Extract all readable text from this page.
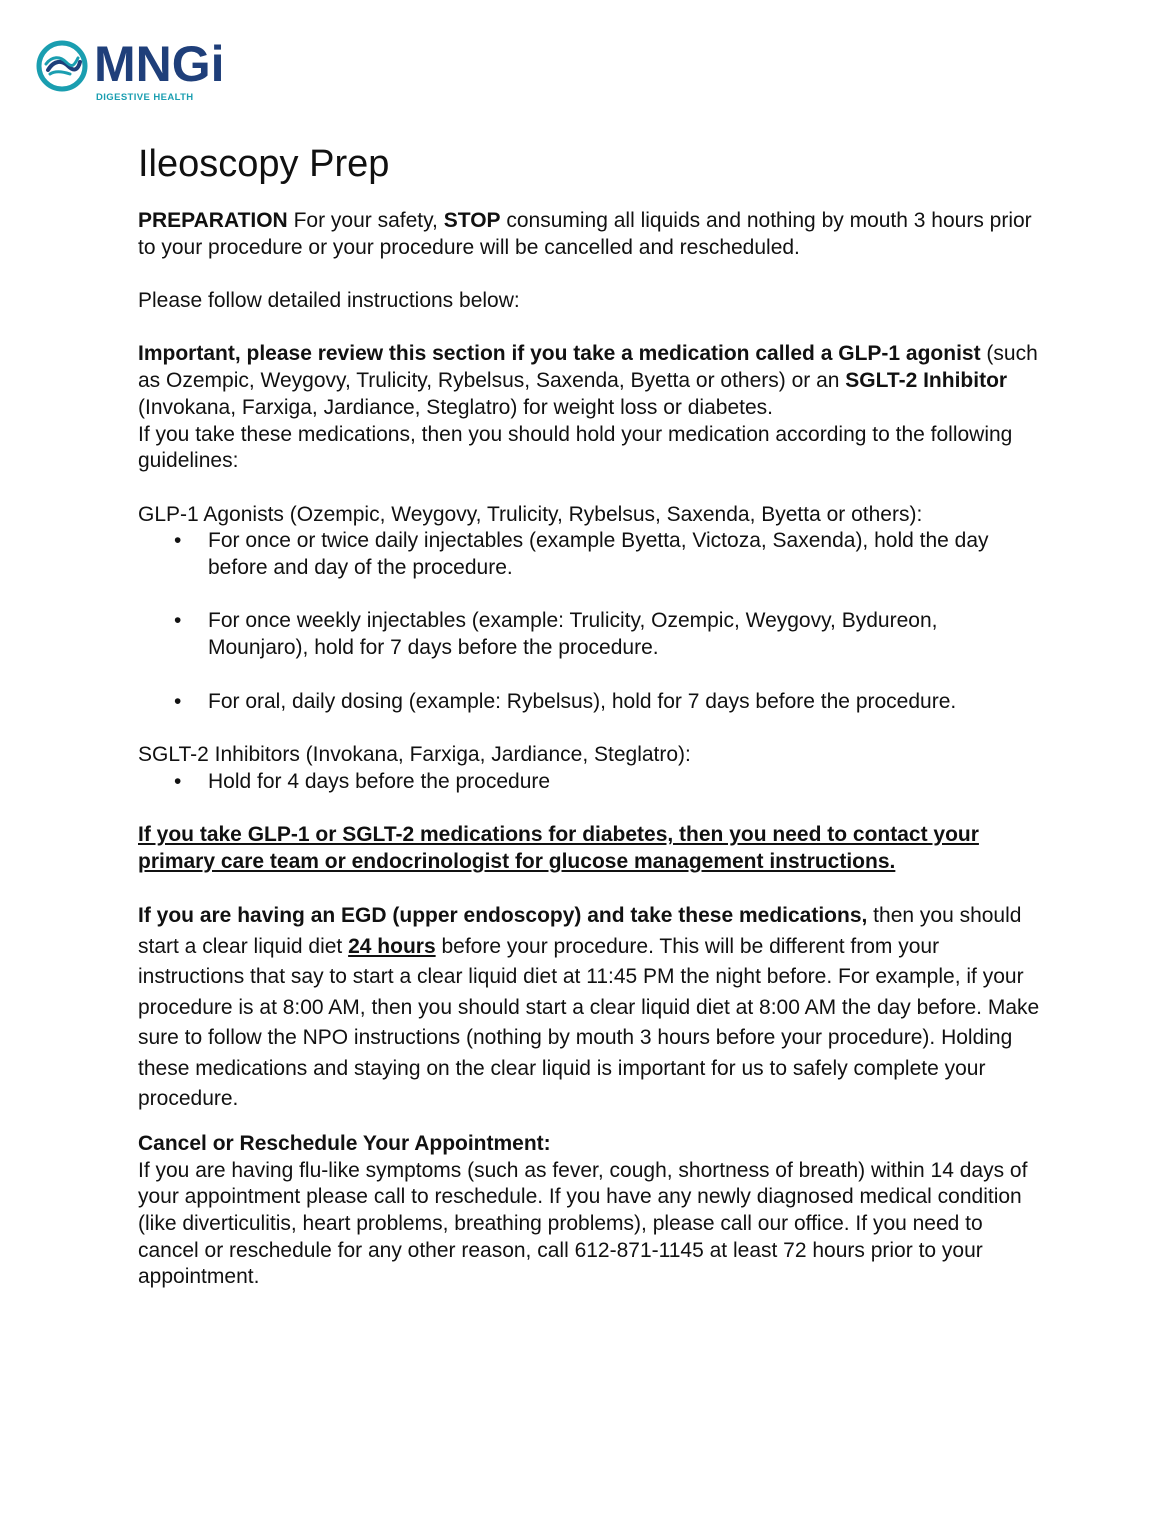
MNGi
DIGESTIVE HEALTH
Ileoscopy Prep

PREPARATION For your safety, STOP consuming all liquids and nothing by mouth 3 hours prior to your procedure or your procedure will be cancelled and rescheduled.

Please follow detailed instructions below:

Important, please review this section if you take a medication called a GLP-1 agonist (such as Ozempic, Weygovy, Trulicity, Rybelsus, Saxenda, Byetta or others) or an SGLT-2 Inhibitor (Invokana, Farxiga, Jardiance, Steglatro) for weight loss or diabetes.

If you take these medications, then you should hold your medication according to the following guidelines:

GLP-1 Agonists (Ozempic, Weygovy, Trulicity, Rybelsus, Saxenda, Byetta or others):

• For once or twice daily injectables (example Byetta, Victoza, Saxenda), hold the day before and day of the procedure.
• For once weekly injectables (example: Trulicity, Ozempic, Weygovy, Bydureon, Mounjaro), hold for 7 days before the procedure.
• For oral, daily dosing (example: Rybelsus), hold for 7 days before the procedure.

SGLT-2 Inhibitors (Invokana, Farxiga, Jardiance, Steglatro):

• Hold for 4 days before the procedure

If you take GLP-1 or SGLT-2 medications for diabetes, then you need to contact your primary care team or endocrinologist for glucose management instructions.

If you are having an EGD (upper endoscopy) and take these medications, then you should start a clear liquid diet 24 hours before your procedure. This will be different from your instructions that say to start a clear liquid diet at 11:45 PM the night before. For example, if your procedure is at 8:00 AM, then you should start a clear liquid diet at 8:00 AM the day before. Make sure to follow the NPO instructions (nothing by mouth 3 hours before your procedure). Holding these medications and staying on the clear liquid is important for us to safely complete your procedure.

Cancel or Reschedule Your Appointment:

If you are having flu-like symptoms (such as fever, cough, shortness of breath) within 14 days of your appointment please call to reschedule. If you have any newly diagnosed medical condition (like diverticulitis, heart problems, breathing problems), please call our office. If you need to cancel or reschedule for any other reason, call 612-871-1145 at least 72 hours prior to your appointment.
